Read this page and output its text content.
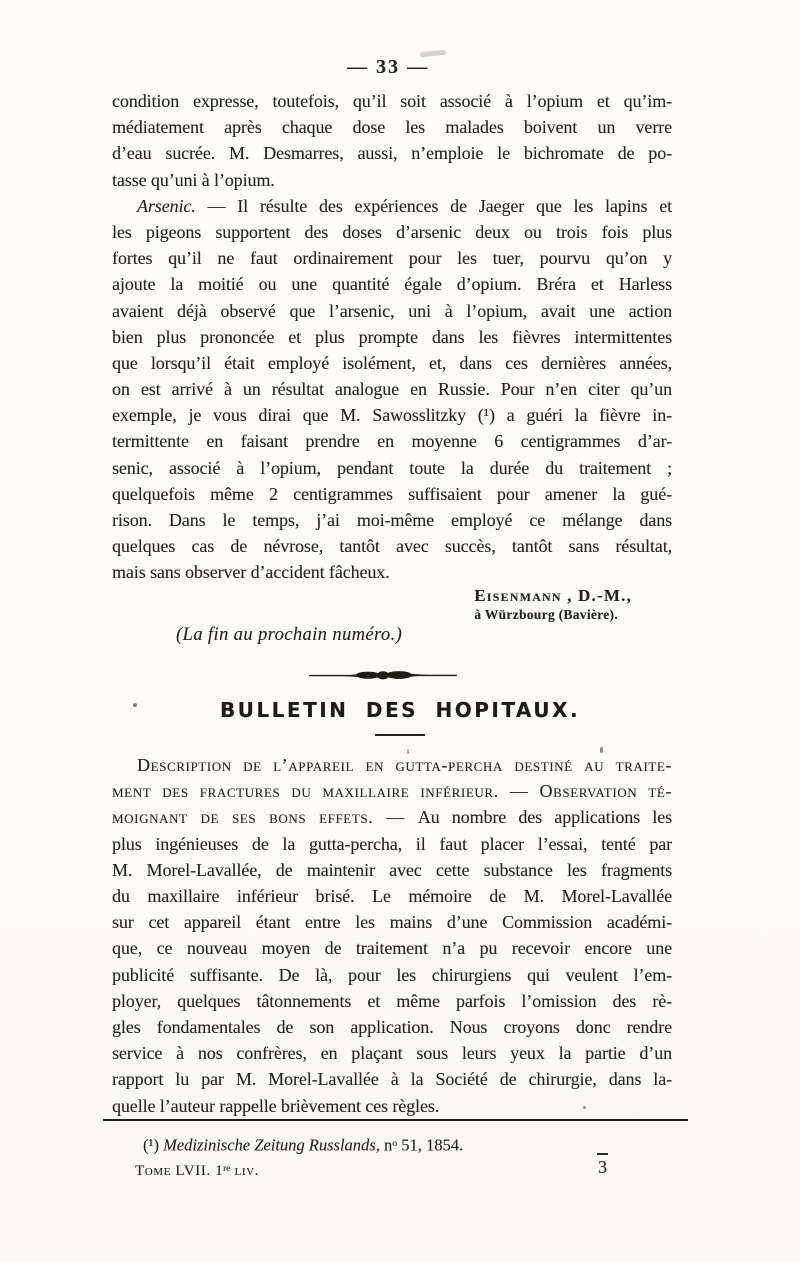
— 33 —
condition expresse, toutefois, qu’il soit associé à l’opium et qu’im-
médiatement après chaque dose les malades boivent un verre
d’eau sucrée. M. Desmarres, aussi, n’emploie le bichromate de po-
tasse qu’uni à l’opium.
Arsenic. — Il résulte des expériences de Jaeger que les lapins et
les pigeons supportent des doses d’arsenic deux ou trois fois plus
fortes qu’il ne faut ordinairement pour les tuer, pourvu qu’on y
ajoute la moitié ou une quantité égale d’opium. Bréra et Harless
avaient déjà observé que l’arsenic, uni à l’opium, avait une action
bien plus prononcée et plus prompte dans les fièvres intermittentes
que lorsqu’il était employé isolément, et, dans ces dernières années,
on est arrivé à un résultat analogue en Russie. Pour n’en citer qu’un
exemple, je vous dirai que M. Sawosslitzky (¹) a guéri la fièvre in-
termittente en faisant prendre en moyenne 6 centigrammes d’ar-
senic, associé à l’opium, pendant toute la durée du traitement ;
quelquefois même 2 centigrammes suffisaient pour amener la gué-
rison. Dans le temps, j’ai moi-même employé ce mélange dans
quelques cas de névrose, tantôt avec succès, tantôt sans résultat,
mais sans observer d’accident fâcheux.
Eisenmann , D.-M.,
à Würzbourg (Bavière).
(La fin au prochain numéro.)
BULLETIN DES HOPITAUX.
Description de l’appareil en gutta-percha destiné au traite-
ment des fractures du maxillaire inférieur. — Observation té-
moignant de ses bons effets. — Au nombre des applications les
plus ingénieuses de la gutta-percha, il faut placer l’essai, tenté par
M. Morel-Lavallée, de maintenir avec cette substance les fragments
du maxillaire inférieur brisé. Le mémoire de M. Morel-Lavallée
sur cet appareil étant entre les mains d’une Commission académi-
que, ce nouveau moyen de traitement n’a pu recevoir encore une
publicité suffisante. De là, pour les chirurgiens qui veulent l’em-
ployer, quelques tâtonnements et même parfois l’omission des rè-
gles fondamentales de son application. Nous croyons donc rendre
service à nos confrères, en plaçant sous leurs yeux la partie d’un
rapport lu par M. Morel-Lavallée à la Société de chirurgie, dans la-
quelle l’auteur rappelle brièvement ces règles.
(¹) Medizinische Zeitung Russlands, $n^o$ 51, 1854.
Tome LVII. 1re liv.	3
